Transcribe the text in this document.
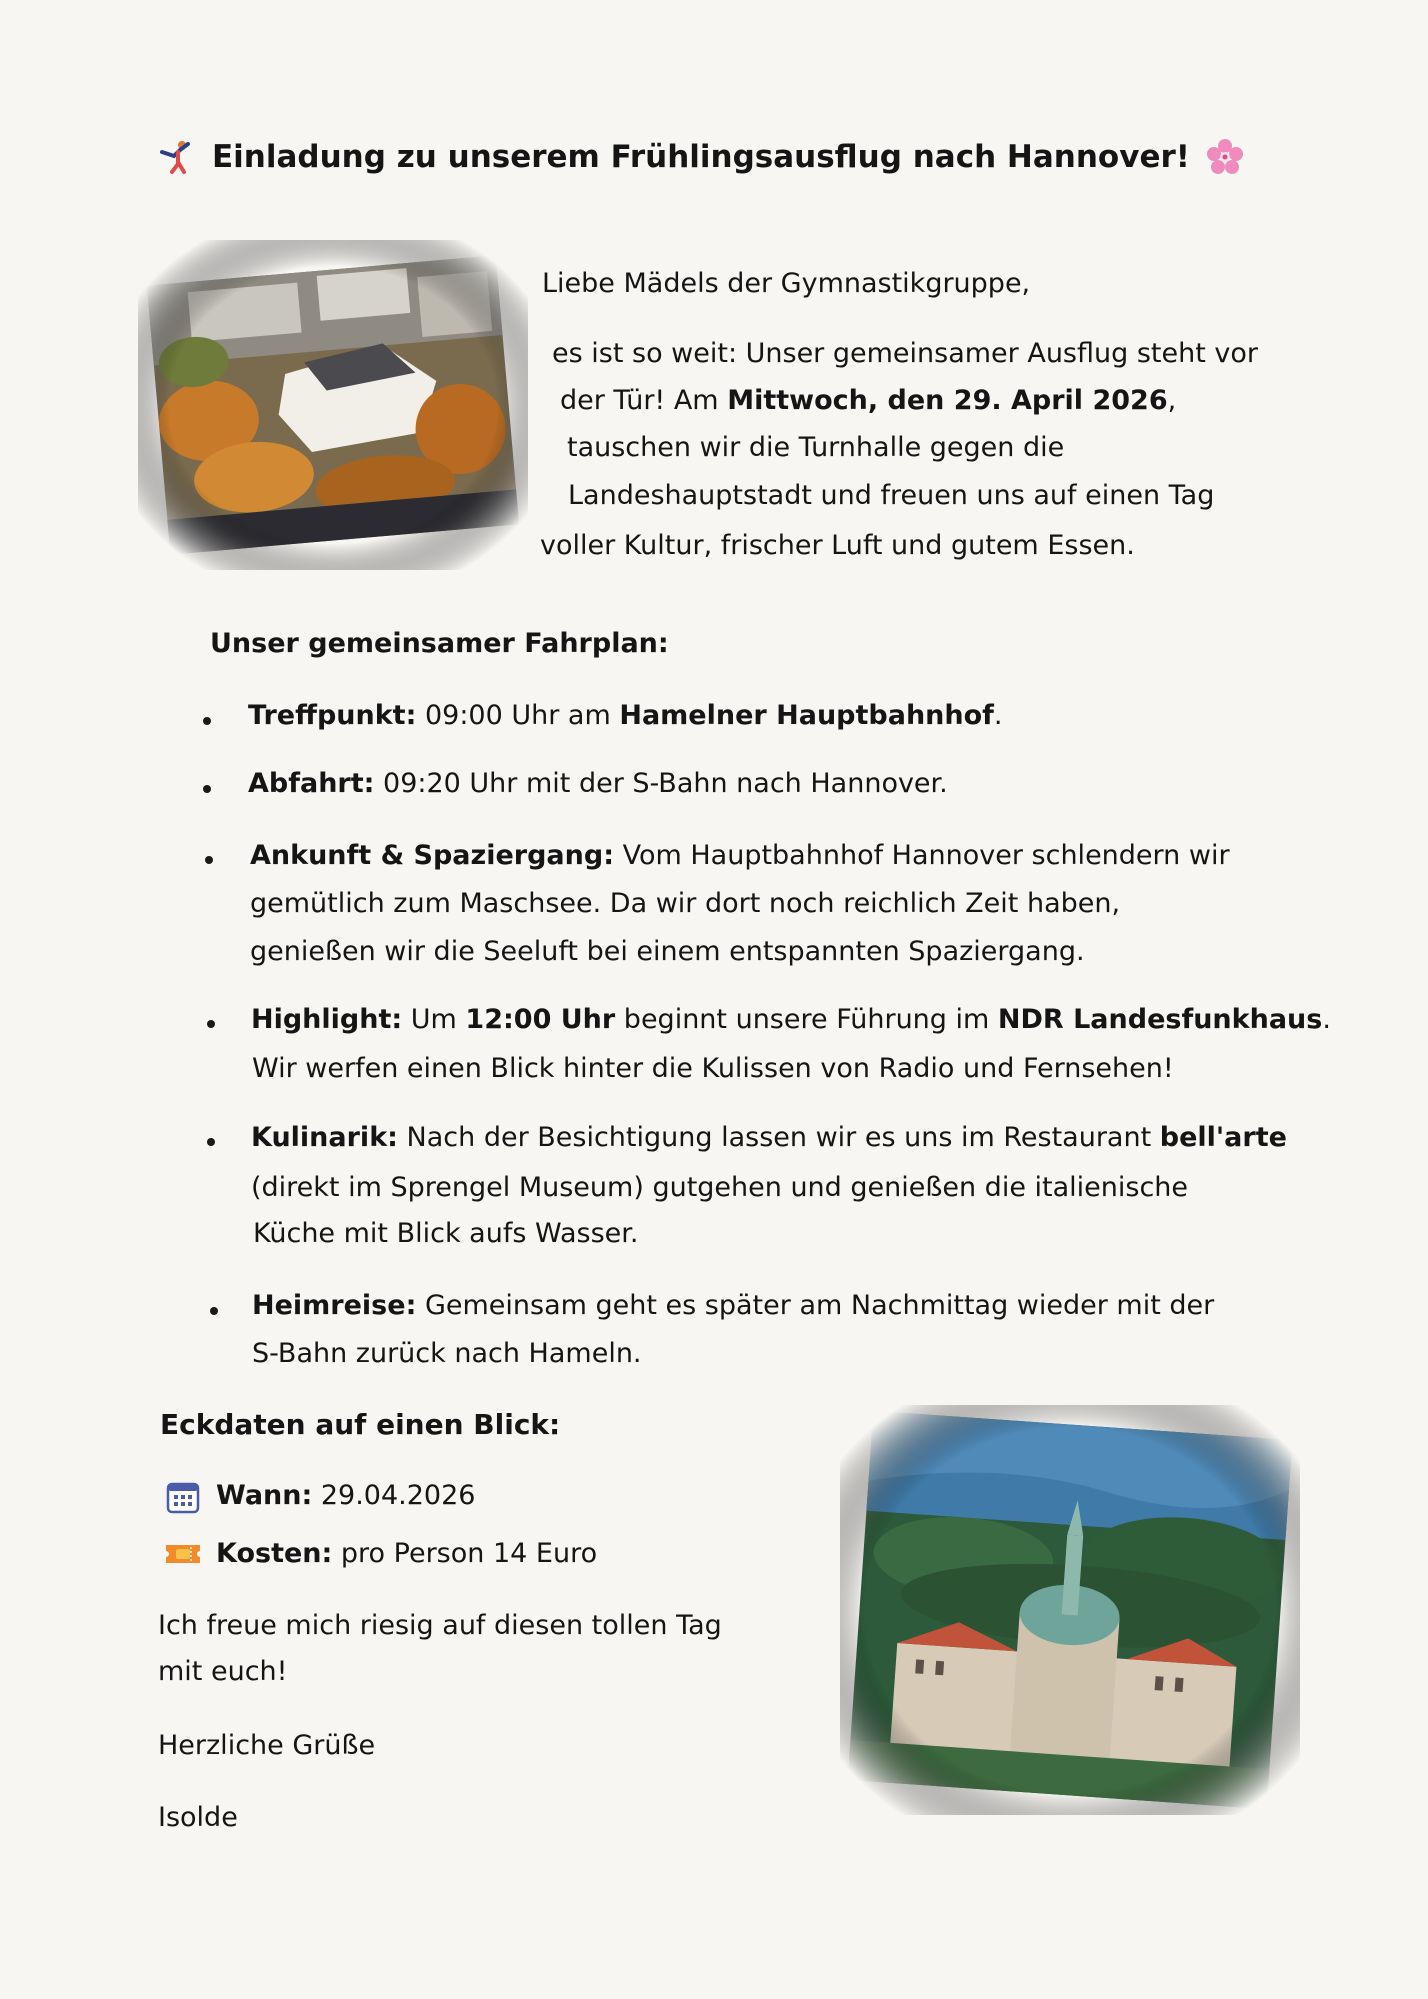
Einladung zu unserem Frühlingsausflug nach Hannover!
Liebe Mädels der Gymnastikgruppe,
es ist so weit: Unser gemeinsamer Ausflug steht vor
der Tür! Am Mittwoch, den 29. April 2026,
tauschen wir die Turnhalle gegen die
Landeshauptstadt und freuen uns auf einen Tag
voller Kultur, frischer Luft und gutem Essen.
Unser gemeinsamer Fahrplan:
Treffpunkt: 09:00 Uhr am Hamelner Hauptbahnhof.
Abfahrt: 09:20 Uhr mit der S-Bahn nach Hannover.
Ankunft & Spaziergang: Vom Hauptbahnhof Hannover schlendern wir
gemütlich zum Maschsee. Da wir dort noch reichlich Zeit haben,
genießen wir die Seeluft bei einem entspannten Spaziergang.
Highlight: Um 12:00 Uhr beginnt unsere Führung im NDR Landesfunkhaus.
Wir werfen einen Blick hinter die Kulissen von Radio und Fernsehen!
Kulinarik: Nach der Besichtigung lassen wir es uns im Restaurant bell'arte
(direkt im Sprengel Museum) gutgehen und genießen die italienische
Küche mit Blick aufs Wasser.
Heimreise: Gemeinsam geht es später am Nachmittag wieder mit der
S-Bahn zurück nach Hameln.
Eckdaten auf einen Blick:
Wann: 29.04.2026
Kosten: pro Person 14 Euro
Ich freue mich riesig auf diesen tollen Tag
mit euch!
Herzliche Grüße
Isolde
